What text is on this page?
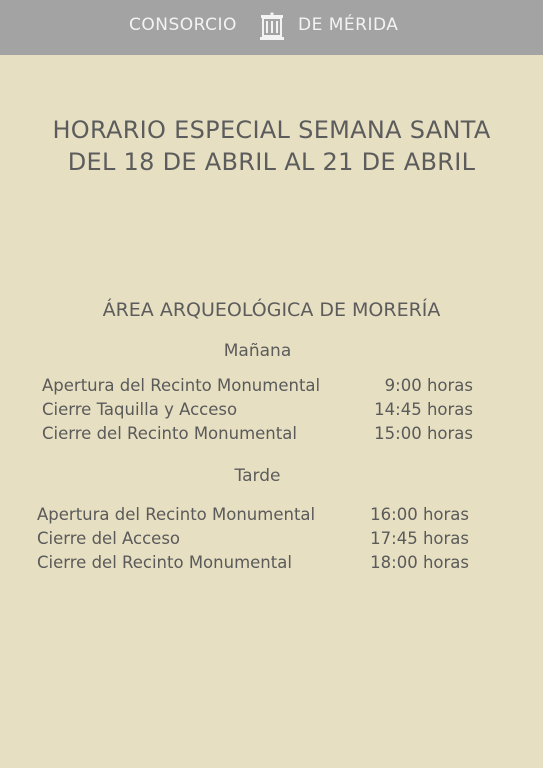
CONSORCIO	DE MÉRIDA
HORARIO ESPECIAL SEMANA SANTA
DEL 18 DE ABRIL AL 21 DE ABRIL
ÁREA ARQUEOLÓGICA DE MORERÍA
Mañana
Apertura del Recinto Monumental	9:00 horas
Cierre Taquilla y Acceso	14:45 horas
Cierre del Recinto Monumental	15:00 horas
Tarde
Apertura del Recinto Monumental	16:00 horas
Cierre del Acceso	17:45 horas
Cierre del Recinto Monumental	18:00 horas
